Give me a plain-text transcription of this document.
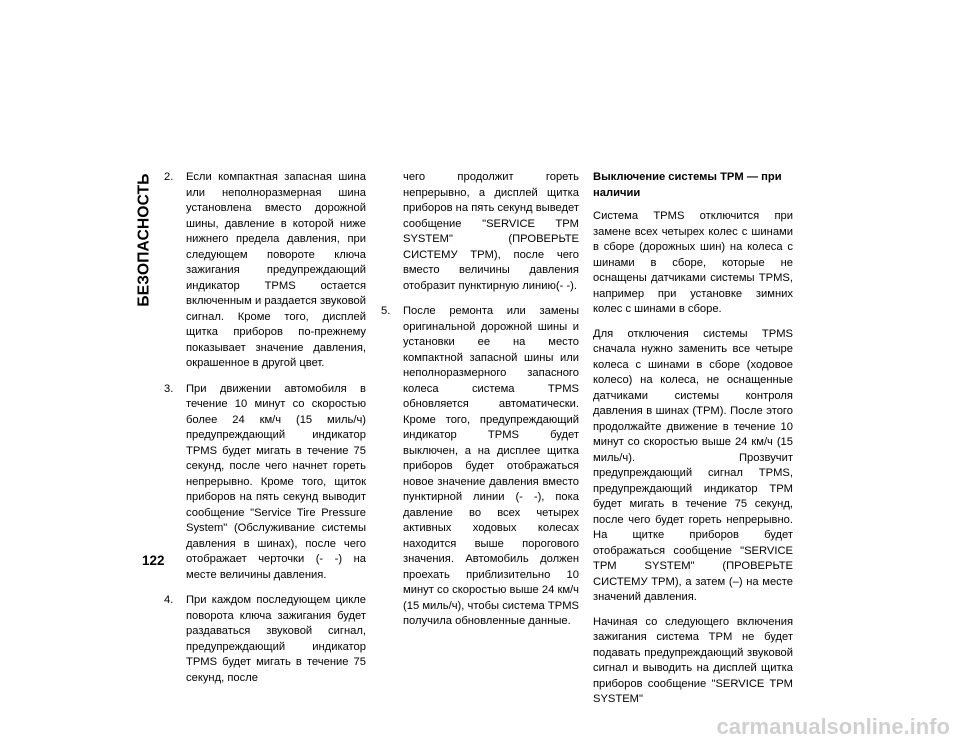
БЕЗОПАСНОСТЬ
122
2. Если компактная запасная шина или неполноразмерная шина установлена вместо дорожной шины, давление в которой ниже нижнего предела давления, при следующем повороте ключа зажигания предупреждающий индикатор TPMS остается включенным и раздается звуковой сигнал. Кроме того, дисплей щитка приборов по-прежнему показывает значение давления, окрашенное в другой цвет.
3. При движении автомобиля в течение 10 минут со скоростью более 24 км/ч (15 миль/ч) предупреждающий индикатор TPMS будет мигать в течение 75 секунд, после чего начнет гореть непрерывно. Кроме того, щиток приборов на пять секунд выводит сообщение "Service Tire Pressure System" (Обслуживание системы давления в шинах), после чего отображает черточки (- -) на месте величины давления.
4. При каждом последующем цикле поворота ключа зажигания будет раздаваться звуковой сигнал, предупреждающий индикатор TPMS будет мигать в течение 75 секунд, после
чего продолжит гореть непрерывно, а дисплей щитка приборов на пять секунд выведет сообщение "SERVICE TPM SYSTEM" (ПРОВЕРЬТЕ СИСТЕМУ TPM), после чего вместо величины давления отобразит пунктирную линию(- -).
5. После ремонта или замены оригинальной дорожной шины и установки ее на место компактной запасной шины или неполноразмерного запасного колеса система TPMS обновляется автоматически. Кроме того, предупреждающий индикатор TPMS будет выключен, а на дисплее щитка приборов будет отображаться новое значение давления вместо пунктирной линии (- -), пока давление во всех четырех активных ходовых колесах находится выше порогового значения. Автомобиль должен проехать приблизительно 10 минут со скоростью выше 24 км/ч (15 миль/ч), чтобы система TPMS получила обновленные данные.
Выключение системы TPM — при наличии
Система TPMS отключится при замене всех четырех колес с шинами в сборе (дорожных шин) на колеса с шинами в сборе, которые не оснащены датчиками системы TPMS, например при установке зимних колес с шинами в сборе.
Для отключения системы TPMS сначала нужно заменить все четыре колеса с шинами в сборе (ходовое колесо) на колеса, не оснащенные датчиками системы контроля давления в шинах (TPM). После этого продолжайте движение в течение 10 минут со скоростью выше 24 км/ч (15 миль/ч). Прозвучит предупреждающий сигнал TPMS, предупреждающий индикатор TPM будет мигать в течение 75 секунд, после чего будет гореть непрерывно. На щитке приборов будет отображаться сообщение "SERVICE TPM SYSTEM" (ПРОВЕРЬТЕ СИСТЕМУ TPM), а затем (–) на месте значений давления.
Начиная со следующего включения зажигания система TPM не будет подавать предупреждающий звуковой сигнал и выводить на дисплей щитка приборов сообщение "SERVICE TPM SYSTEM"
carmanualsonline.info
